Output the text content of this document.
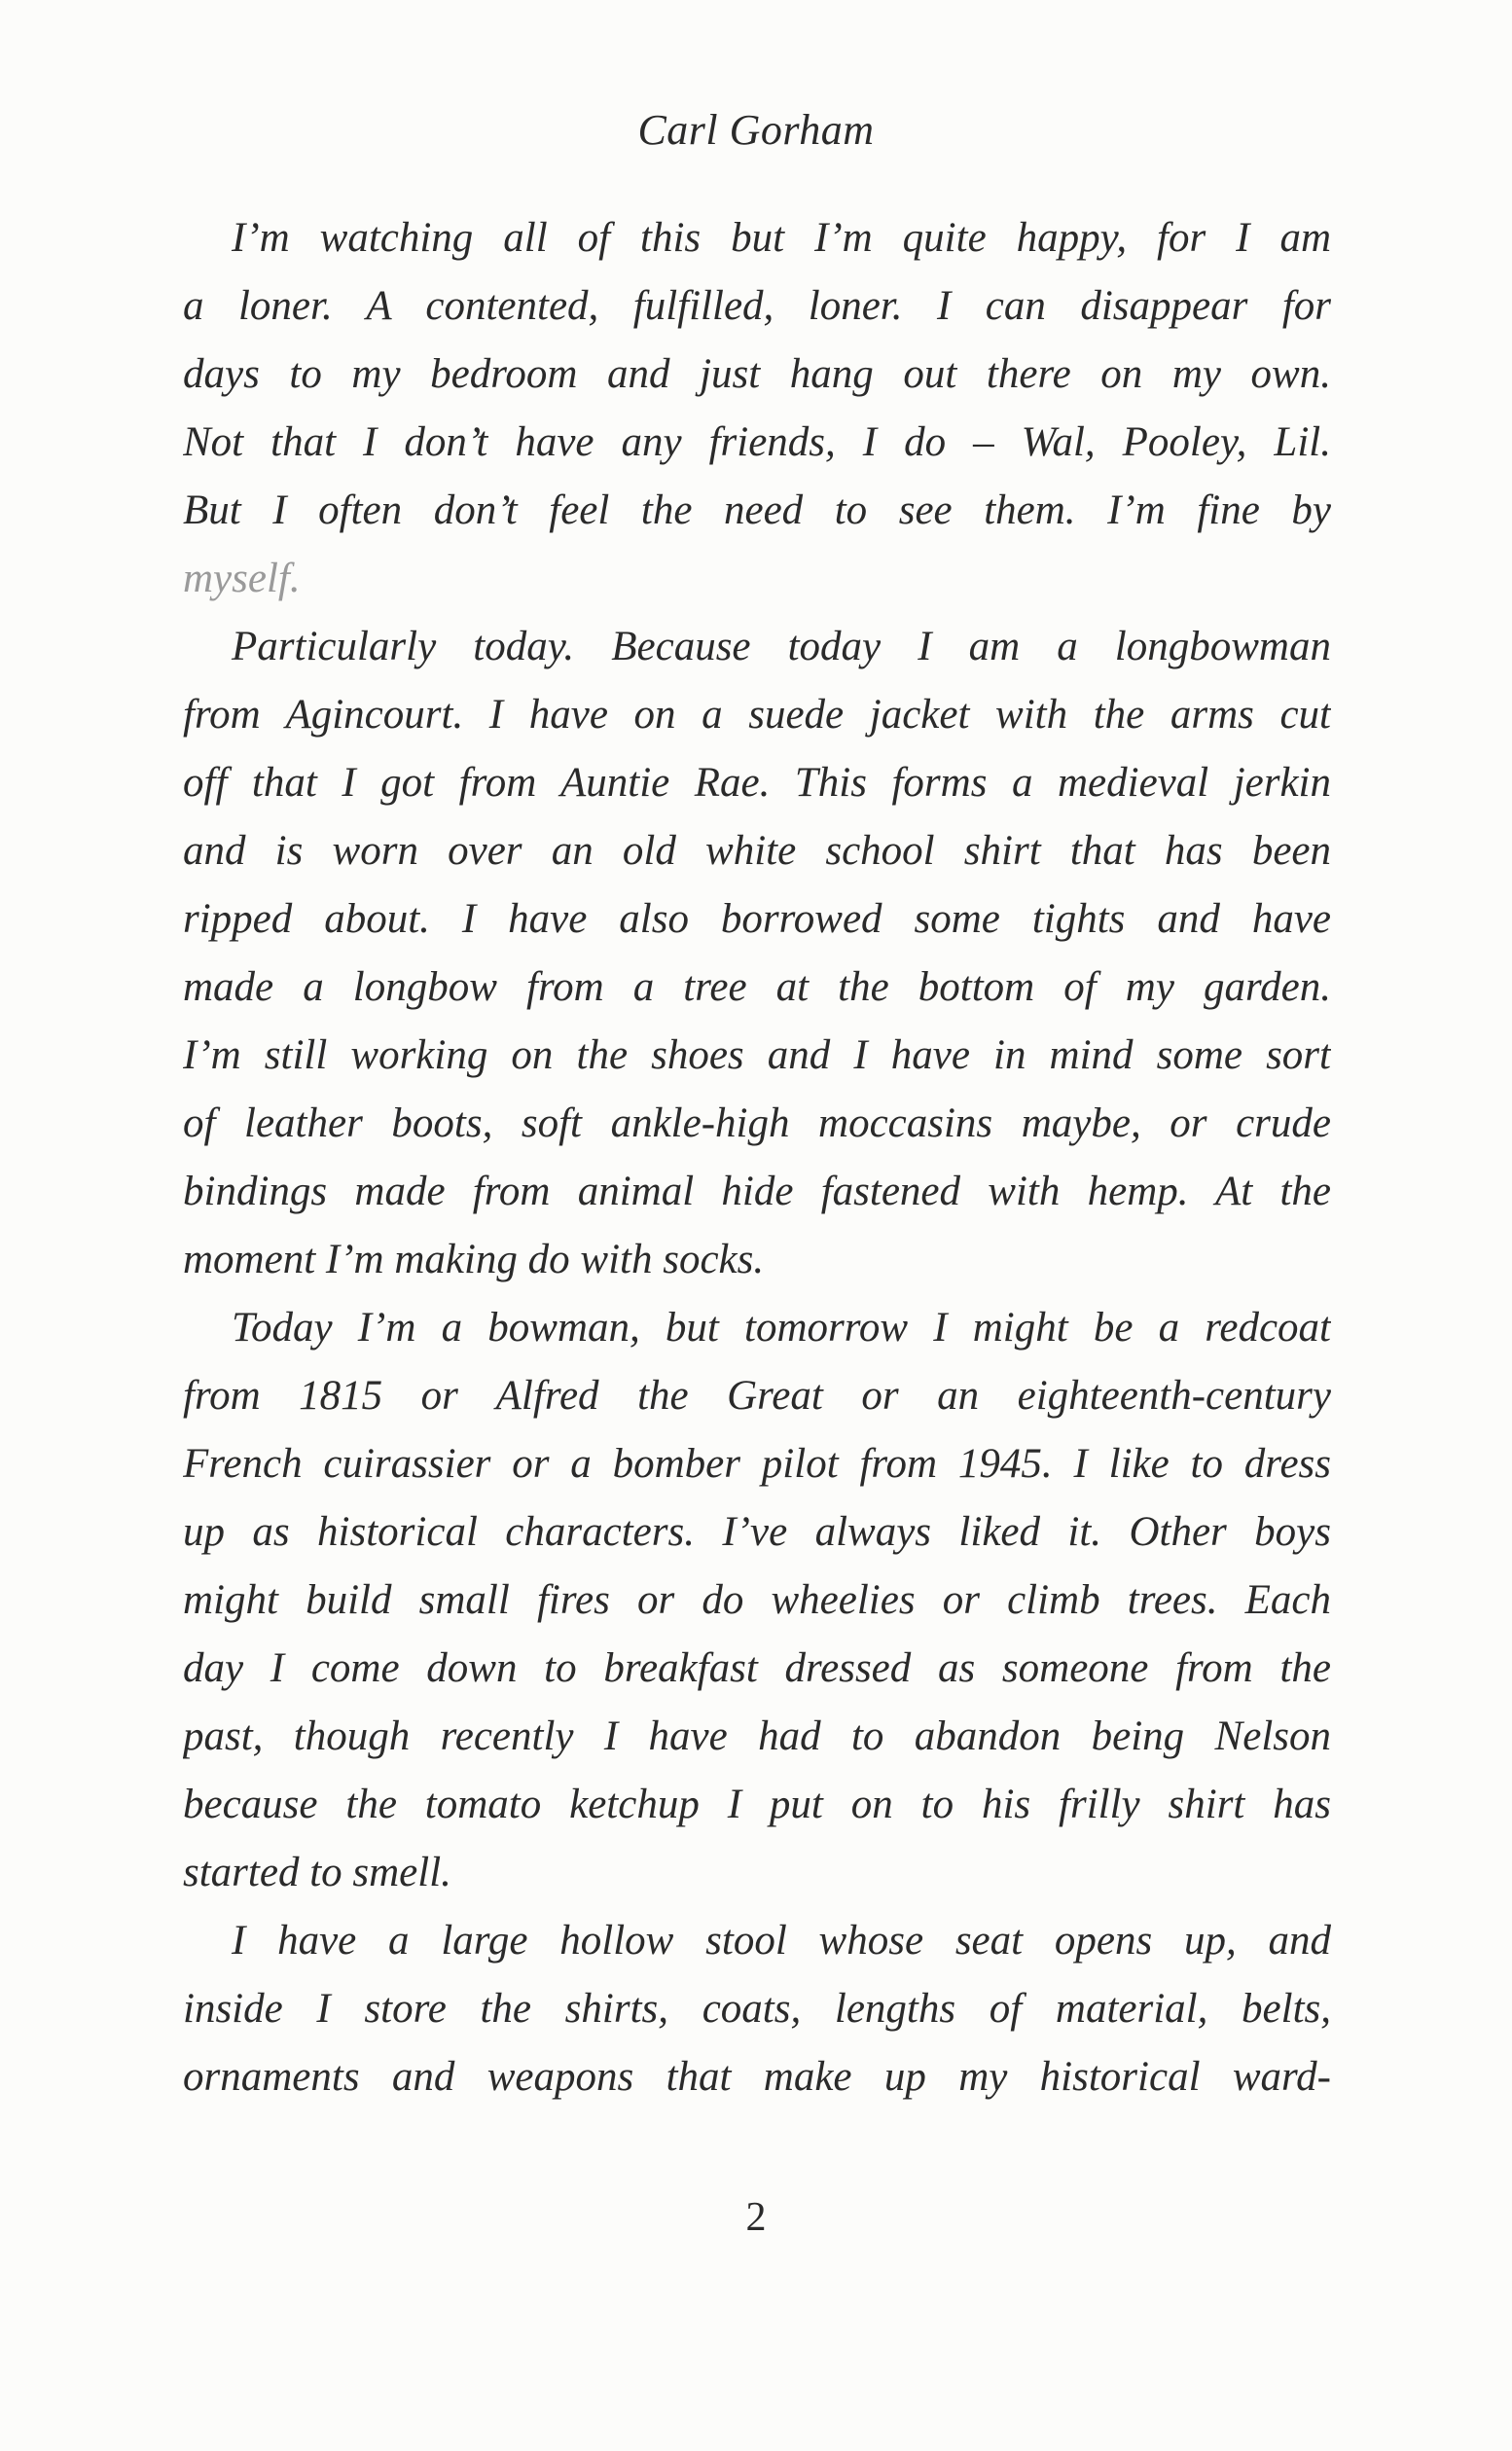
Carl Gorham
I’m watching all of this but I’m quite happy, for I am
a loner. A contented, fulfilled, loner. I can disappear for
days to my bedroom and just hang out there on my own.
Not that I don’t have any friends, I do – Wal, Pooley, Lil.
But I often don’t feel the need to see them. I’m fine by
myself.
Particularly today. Because today I am a longbowman
from Agincourt. I have on a suede jacket with the arms cut
off that I got from Auntie Rae. This forms a medieval jerkin
and is worn over an old white school shirt that has been
ripped about. I have also borrowed some tights and have
made a longbow from a tree at the bottom of my garden.
I’m still working on the shoes and I have in mind some sort
of leather boots, soft ankle-high moccasins maybe, or crude
bindings made from animal hide fastened with hemp. At the
moment I’m making do with socks.
Today I’m a bowman, but tomorrow I might be a redcoat
from 1815 or Alfred the Great or an eighteenth-century
French cuirassier or a bomber pilot from 1945. I like to dress
up as historical characters. I’ve always liked it. Other boys
might build small fires or do wheelies or climb trees. Each
day I come down to breakfast dressed as someone from the
past, though recently I have had to abandon being Nelson
because the tomato ketchup I put on to his frilly shirt has
started to smell.
I have a large hollow stool whose seat opens up, and
inside I store the shirts, coats, lengths of material, belts,
ornaments and weapons that make up my historical ward-
2
